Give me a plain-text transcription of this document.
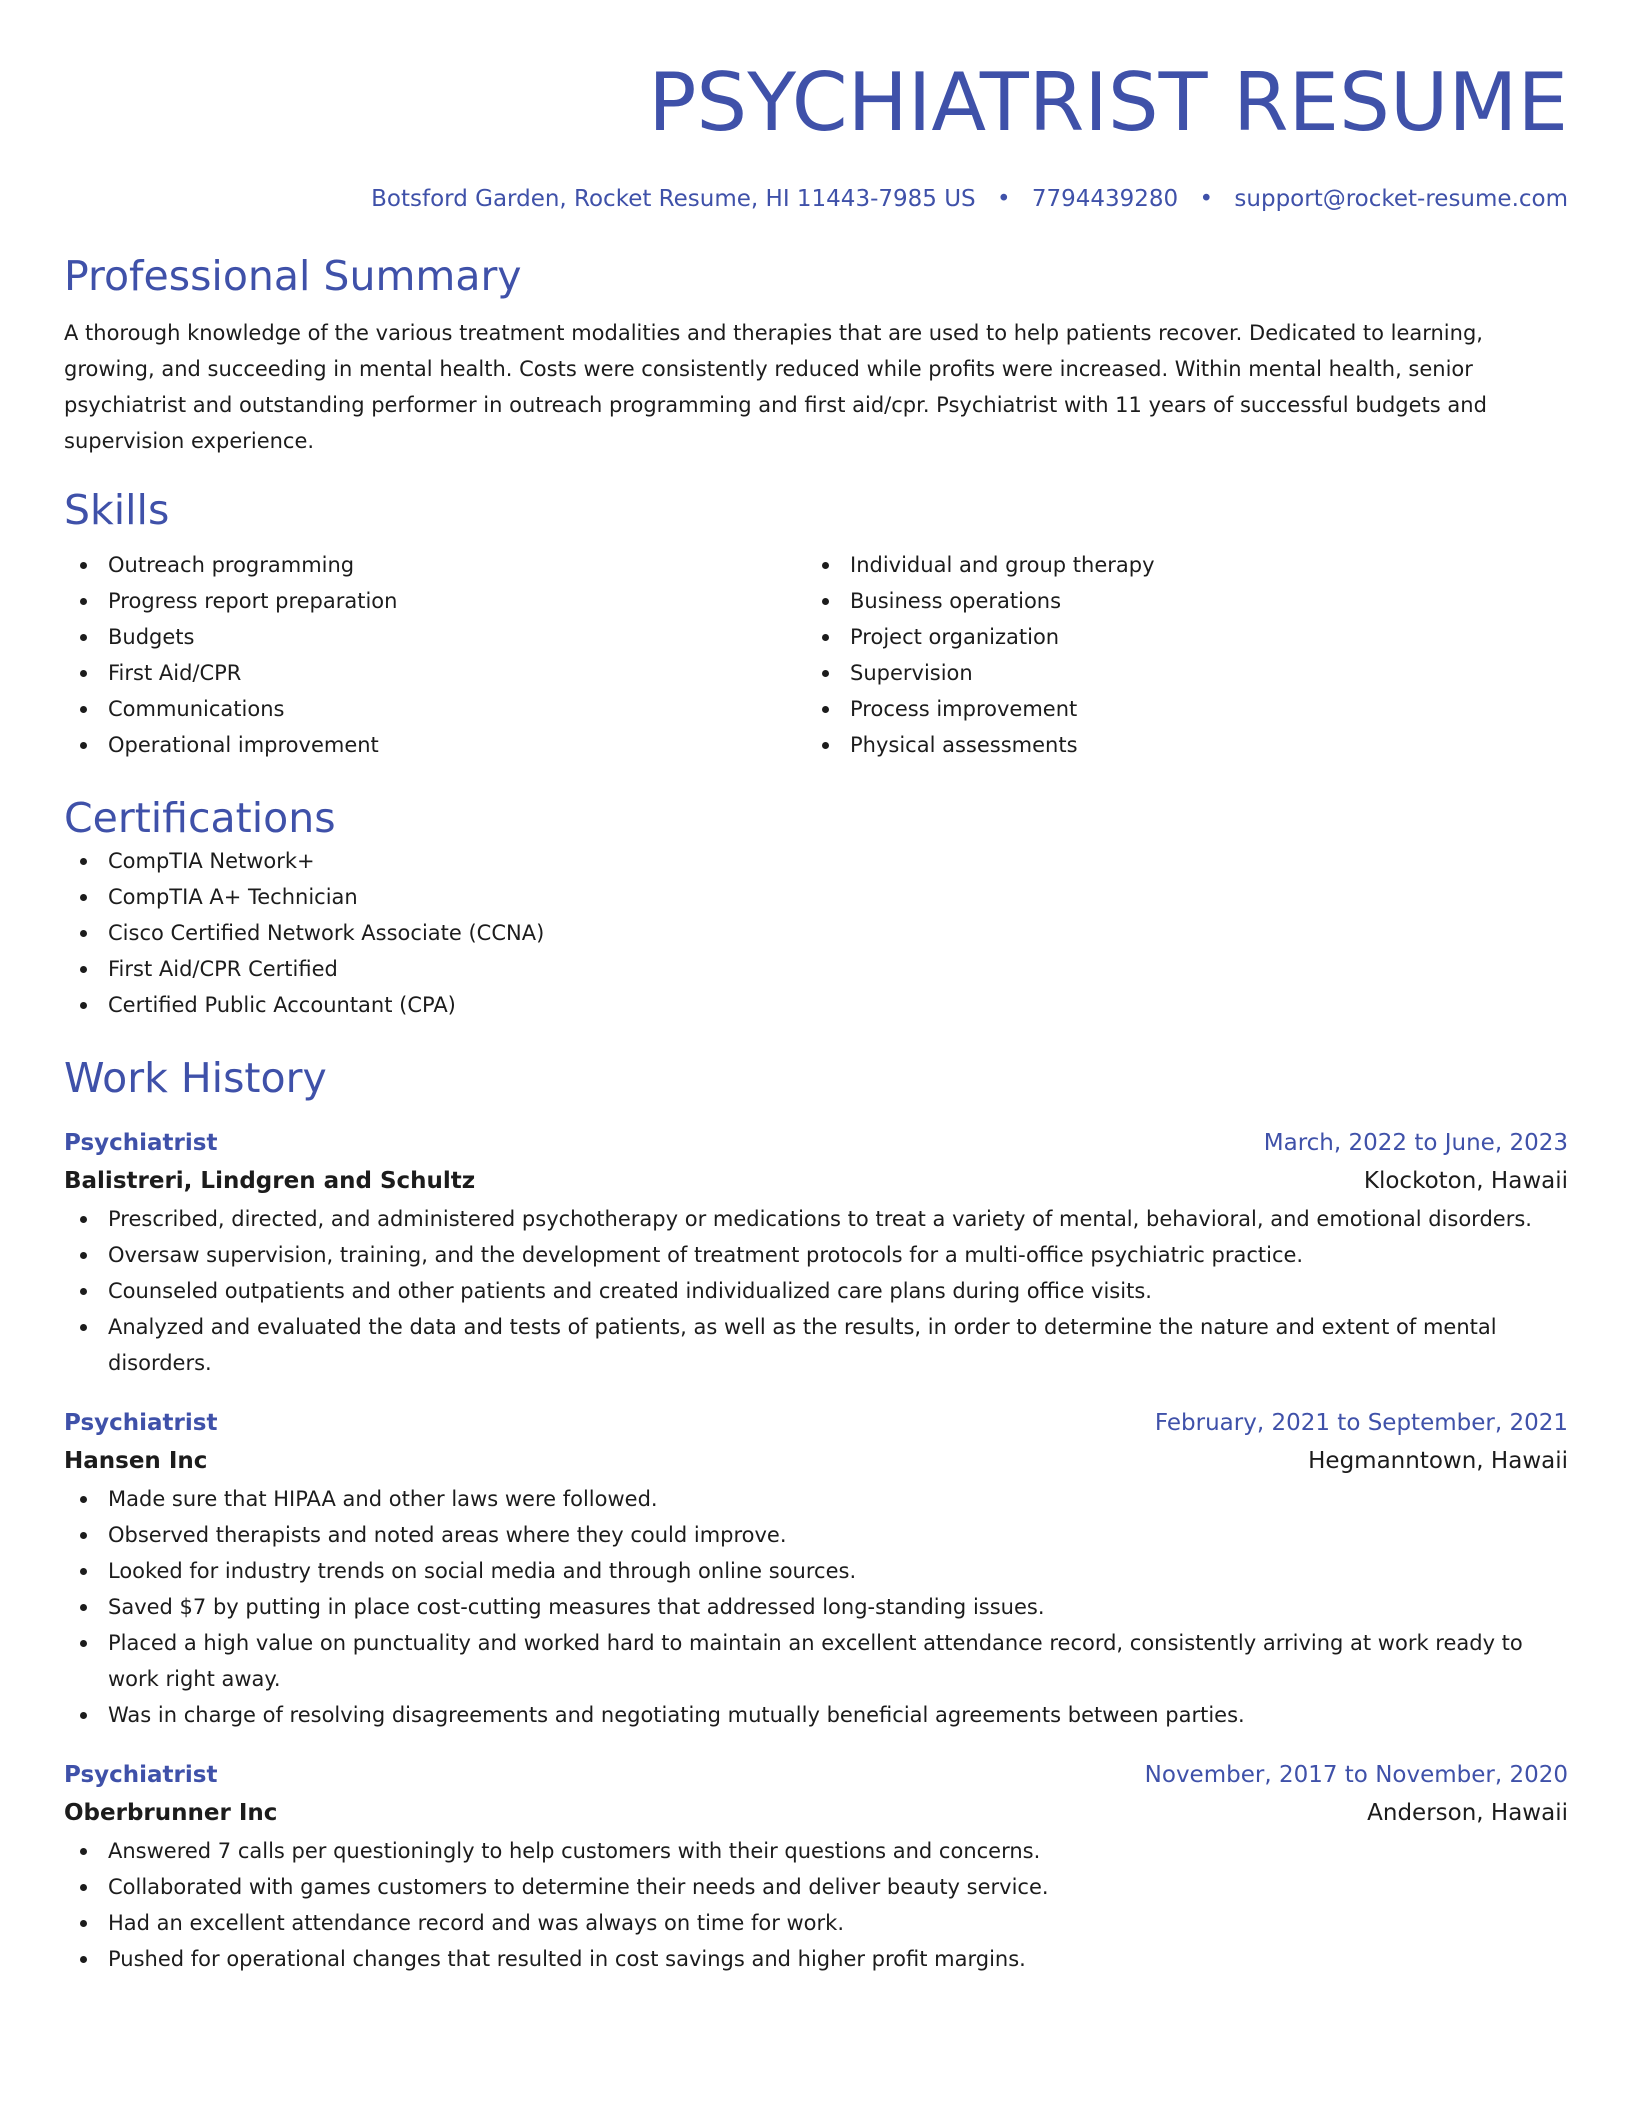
PSYCHIATRIST RESUME
Botsford Garden, Rocket Resume, HI 11443-7985 US • 7794439280 • support@rocket-resume.com
Professional Summary
A thorough knowledge of the various treatment modalities and therapies that are used to help patients recover. Dedicated to learning, growing, and succeeding in mental health. Costs were consistently reduced while profits were increased. Within mental health, senior psychiatrist and outstanding performer in outreach programming and first aid/cpr. Psychiatrist with 11 years of successful budgets and supervision experience.
Skills
Outreach programming
Progress report preparation
Budgets
First Aid/CPR
Communications
Operational improvement
Individual and group therapy
Business operations
Project organization
Supervision
Process improvement
Physical assessments
Certifications
CompTIA Network+
CompTIA A+ Technician
Cisco Certified Network Associate (CCNA)
First Aid/CPR Certified
Certified Public Accountant (CPA)
Work History
Psychiatrist	March, 2022 to June, 2023
Balistreri, Lindgren and Schultz	Klockoton, Hawaii
Prescribed, directed, and administered psychotherapy or medications to treat a variety of mental, behavioral, and emotional disorders.
Oversaw supervision, training, and the development of treatment protocols for a multi-office psychiatric practice.
Counseled outpatients and other patients and created individualized care plans during office visits.
Analyzed and evaluated the data and tests of patients, as well as the results, in order to determine the nature and extent of mental disorders.
Psychiatrist	February, 2021 to September, 2021
Hansen Inc	Hegmanntown, Hawaii
Made sure that HIPAA and other laws were followed.
Observed therapists and noted areas where they could improve.
Looked for industry trends on social media and through online sources.
Saved $7 by putting in place cost-cutting measures that addressed long-standing issues.
Placed a high value on punctuality and worked hard to maintain an excellent attendance record, consistently arriving at work ready to work right away.
Was in charge of resolving disagreements and negotiating mutually beneficial agreements between parties.
Psychiatrist	November, 2017 to November, 2020
Oberbrunner Inc	Anderson, Hawaii
Answered 7 calls per questioningly to help customers with their questions and concerns.
Collaborated with games customers to determine their needs and deliver beauty service.
Had an excellent attendance record and was always on time for work.
Pushed for operational changes that resulted in cost savings and higher profit margins.
